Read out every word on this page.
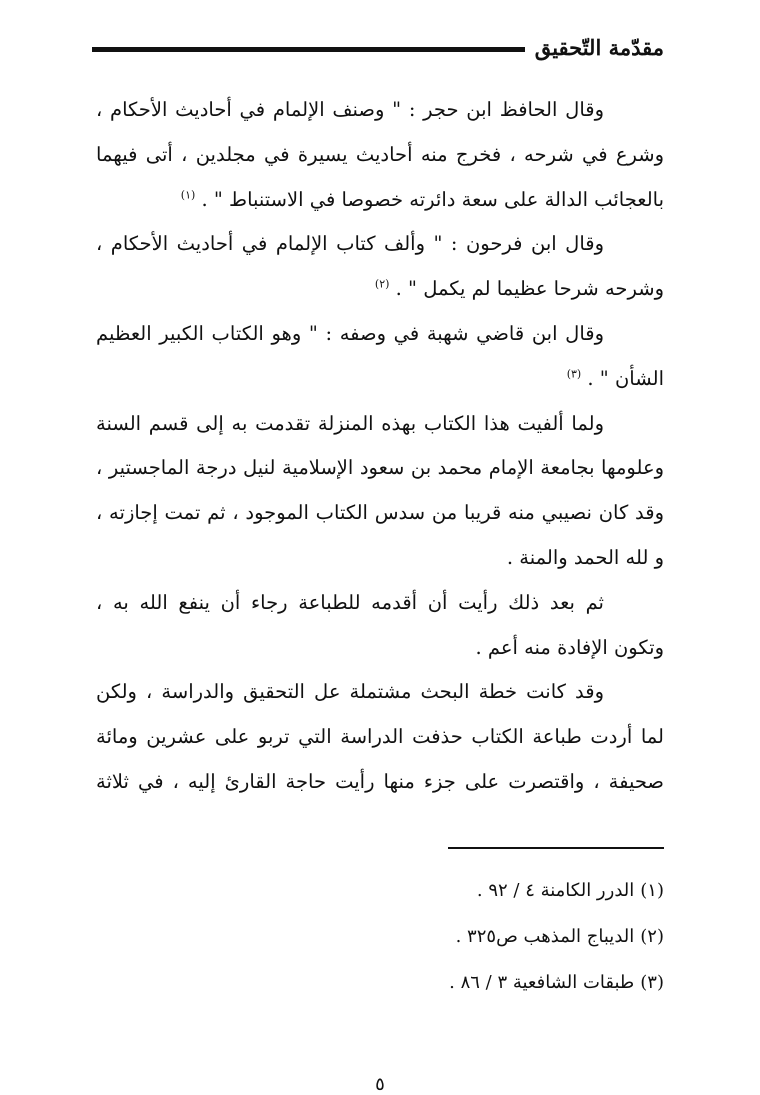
مقدّمة التّحقيق

وقال الحافظ ابن حجر : " وصنف الإلمام في أحاديث الأحكام ، وشرع في شرحه ، فخرج منه أحاديث يسيرة في مجلدين ، أتى فيهما بالعجائب الدالة على سعة دائرته خصوصا في الاستنباط " . $^{(١)}$

وقال ابن فرحون : " وألف كتاب الإلمام في أحاديث الأحكام ، وشرحه شرحا عظيما لم يكمل " . $^{(٢)}$

وقال ابن قاضي شهبة في وصفه : " وهو الكتاب الكبير العظيم الشأن " . $^{(٣)}$

ولما ألفيت هذا الكتاب بهذه المنزلة تقدمت به إلى قسم السنة وعلومها بجامعة الإمام محمد بن سعود الإسلامية لنيل درجة الماجستير ، وقد كان نصيبي منه قريبا من سدس الكتاب الموجود ، ثم تمت إجازته ، و لله الحمد والمنة .

ثم بعد ذلك رأيت أن أقدمه للطباعة رجاء أن ينفع الله به ، وتكون الإفادة منه أعم .

وقد كانت خطة البحث مشتملة عل التحقيق والدراسة ، ولكن لما أردت طباعة الكتاب حذفت الدراسة التي تربو على عشرين ومائة صحيفة ، واقتصرت على جزء منها رأيت حاجة القارئ إليه ، في ثلاثة

(١)الدرر الكامنة ٤ / ٩٢ .

(٢)الديباج المذهب ص٣٢٥ .

(٣)طبقات الشافعية ٣ / ٨٦ .

٥
